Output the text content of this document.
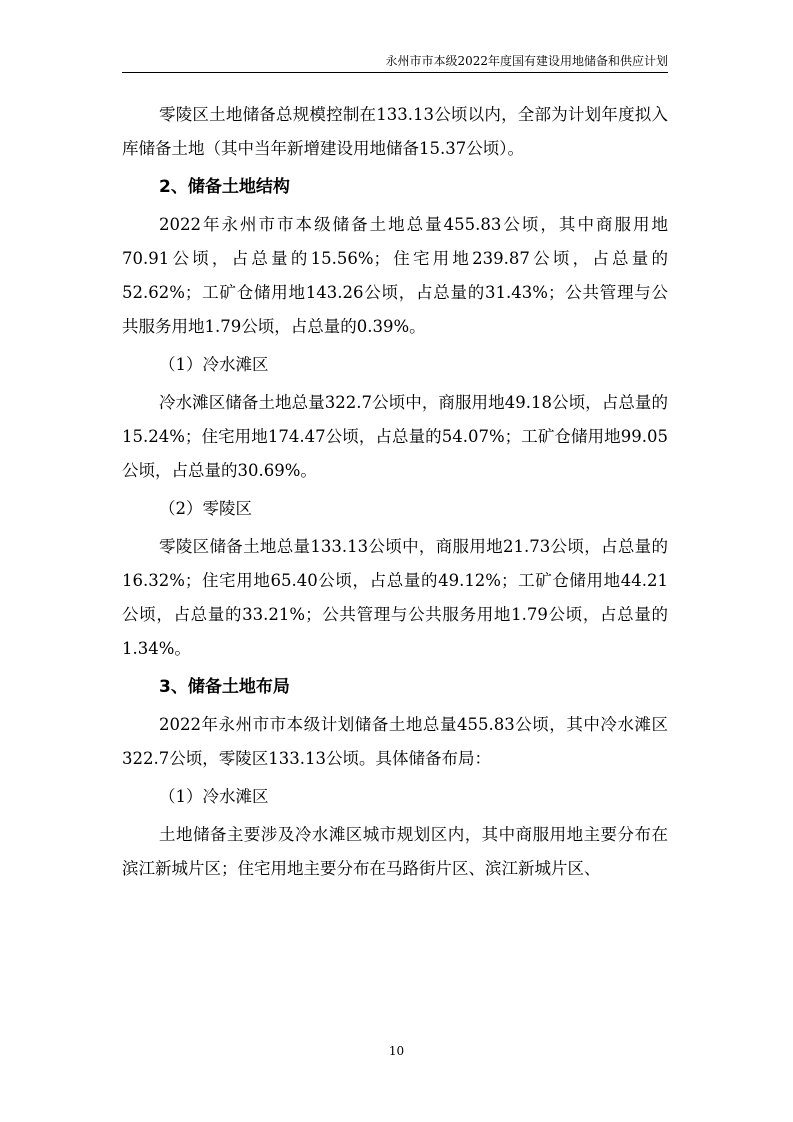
永州市市本级2022年度国有建设用地储备和供应计划

零陵区土地储备总规模控制在133.13公顷以内，全部为计划年度拟入库储备土地（其中当年新增建设用地储备15.37公顷）。

2、储备土地结构

2022年永州市市本级储备土地总量455.83公顷，其中商服用地70.91公顷，占总量的15.56%；住宅用地239.87公顷，占总量的52.62%；工矿仓储用地143.26公顷，占总量的31.43%；公共管理与公共服务用地1.79公顷，占总量的0.39%。

（1）冷水滩区

冷水滩区储备土地总量322.7公顷中，商服用地49.18公顷，占总量的15.24%；住宅用地174.47公顷，占总量的54.07%；工矿仓储用地99.05公顷，占总量的30.69%。

（2）零陵区

零陵区储备土地总量133.13公顷中，商服用地21.73公顷，占总量的16.32%；住宅用地65.40公顷，占总量的49.12%；工矿仓储用地44.21公顷，占总量的33.21%；公共管理与公共服务用地1.79公顷，占总量的1.34%。

3、储备土地布局

2022年永州市市本级计划储备土地总量455.83公顷，其中冷水滩区322.7公顷，零陵区133.13公顷。具体储备布局：

（1）冷水滩区

土地储备主要涉及冷水滩区城市规划区内，其中商服用地主要分布在滨江新城片区；住宅用地主要分布在马路街片区、滨江新城片区、

10
